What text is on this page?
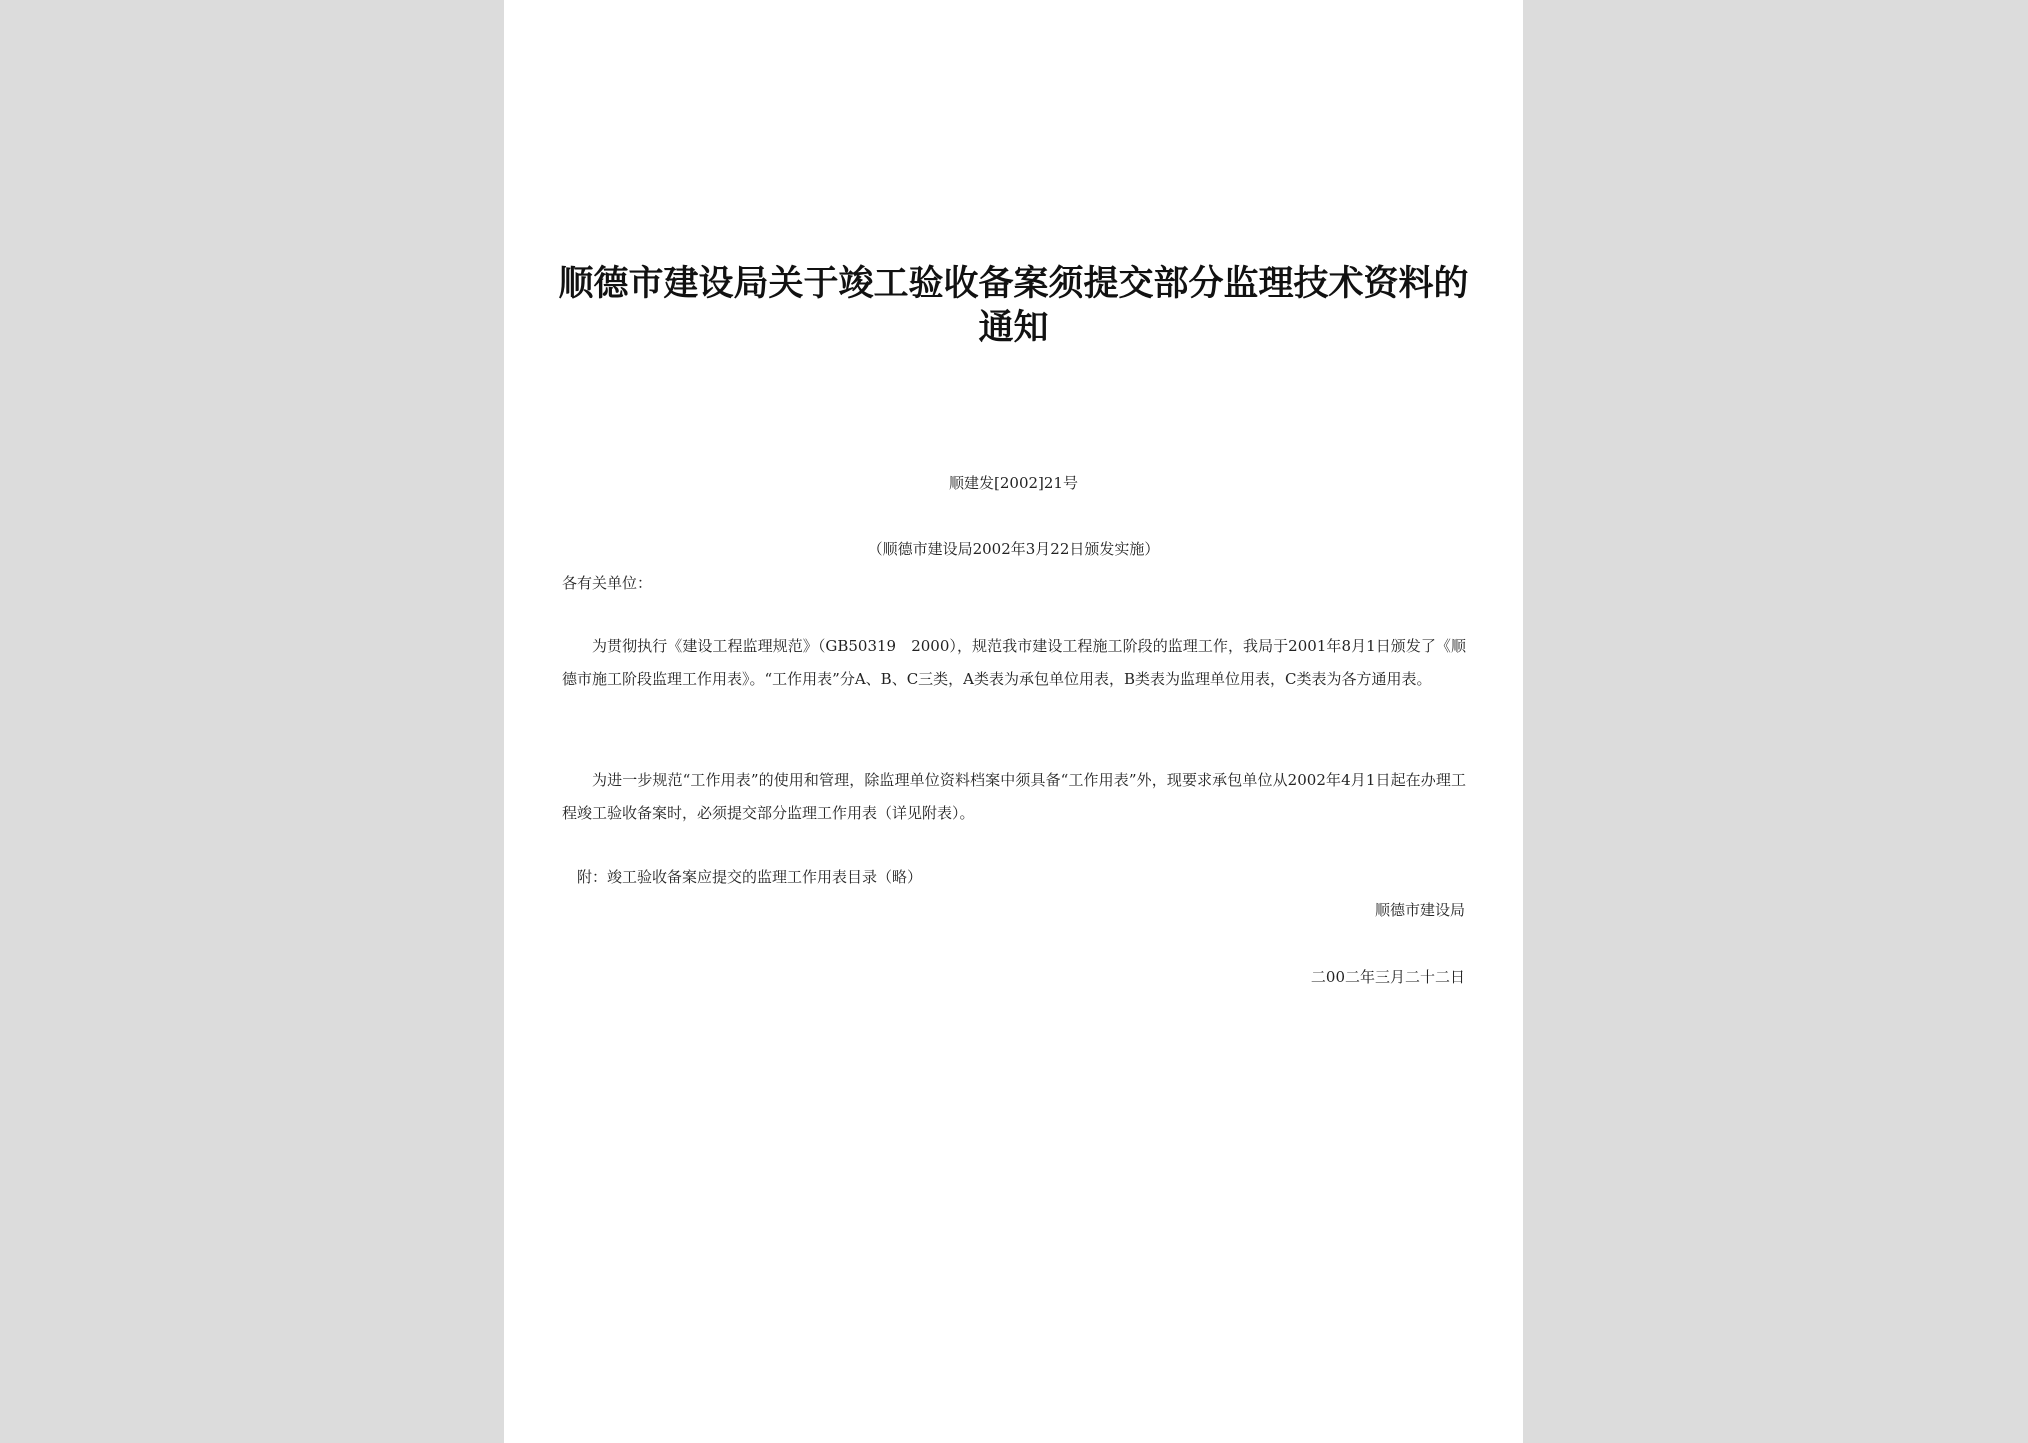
顺德市建设局关于竣工验收备案须提交部分监理技术资料的通知
顺建发[2002]21号
（顺德市建设局2002年3月22日颁发实施）
各有关单位：
为贯彻执行《建设工程监理规范》（GB50319　2000），规范我市建设工程施工阶段的监理工作，我局于2001年8月1日颁发了《顺德市施工阶段监理工作用表》。“工作用表”分A、B、C三类，A类表为承包单位用表，B类表为监理单位用表，C类表为各方通用表。
为进一步规范“工作用表”的使用和管理，除监理单位资料档案中须具备“工作用表”外，现要求承包单位从2002年4月1日起在办理工程竣工验收备案时，必须提交部分监理工作用表（详见附表）。
附：竣工验收备案应提交的监理工作用表目录（略）
顺德市建设局
二00二年三月二十二日
